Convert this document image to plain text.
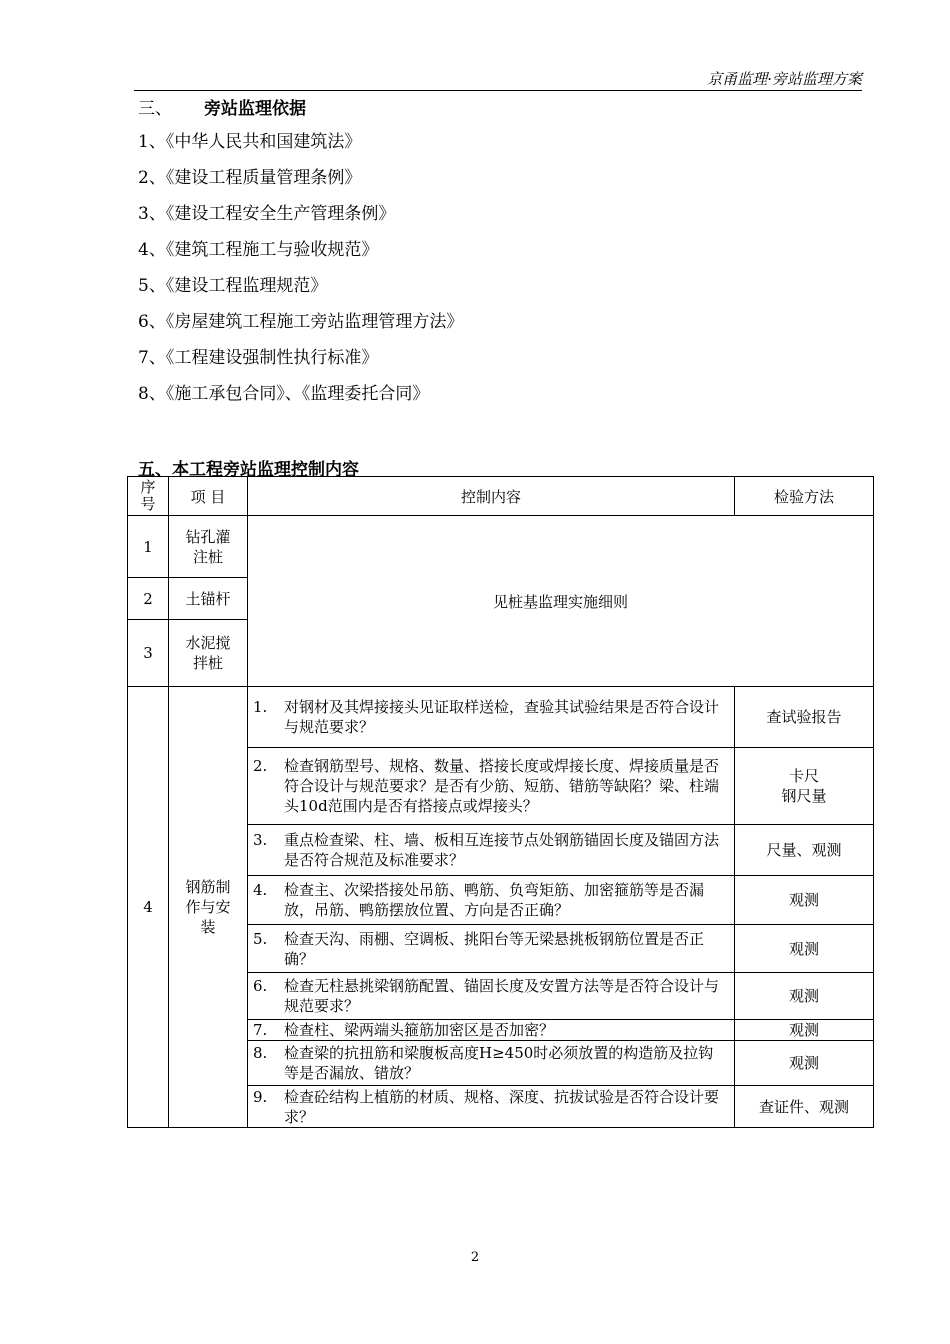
京甬监理·旁站监理方案
三、 旁站监理依据
1、《中华人民共和国建筑法》
2、《建设工程质量管理条例》
3、《建设工程安全生产管理条例》
4、《建筑工程施工与验收规范》
5、《建设工程监理规范》
6、《房屋建筑工程施工旁站监理管理方法》
7、《工程建设强制性执行标准》
8、《施工承包合同》、《监理委托合同》
五、本工程旁站监理控制内容
序号	项 目	控制内容	检验方法
1	钻孔灌注桩	见桩基监理实施细则	
2	土锚杆		
3	水泥搅拌桩		
4	钢筋制作与安装	1. 对钢材及其焊接接头见证取样送检，查验其试验结果是否符合设计与规范要求？	查试验报告
		2. 检查钢筋型号、规格、数量、搭接长度或焊接长度、焊接质量是否符合设计与规范要求？是否有少筋、短筋、错筋等缺陷？梁、柱端头10d范围内是否有搭接点或焊接头？	卡尺 钢尺量
		3. 重点检查梁、柱、墙、板相互连接节点处钢筋锚固长度及锚固方法是否符合规范及标准要求？	尺量、观测
		4. 检查主、次梁搭接处吊筋、鸭筋、负弯矩筋、加密箍筋等是否漏放，吊筋、鸭筋摆放位置、方向是否正确？	观测
		5. 检查天沟、雨棚、空调板、挑阳台等无梁悬挑板钢筋位置是否正确？	观测
		6. 检查无柱悬挑梁钢筋配置、锚固长度及安置方法等是否符合设计与规范要求？	观测
		7. 检查柱、梁两端头箍筋加密区是否加密？	观测
		8. 检查梁的抗扭筋和梁腹板高度H≥450时必须放置的构造筋及拉钩等是否漏放、错放？	观测
		9. 检查砼结构上植筋的材质、规格、深度、抗拔试验是否符合设计要求？	查证件、观测
2
